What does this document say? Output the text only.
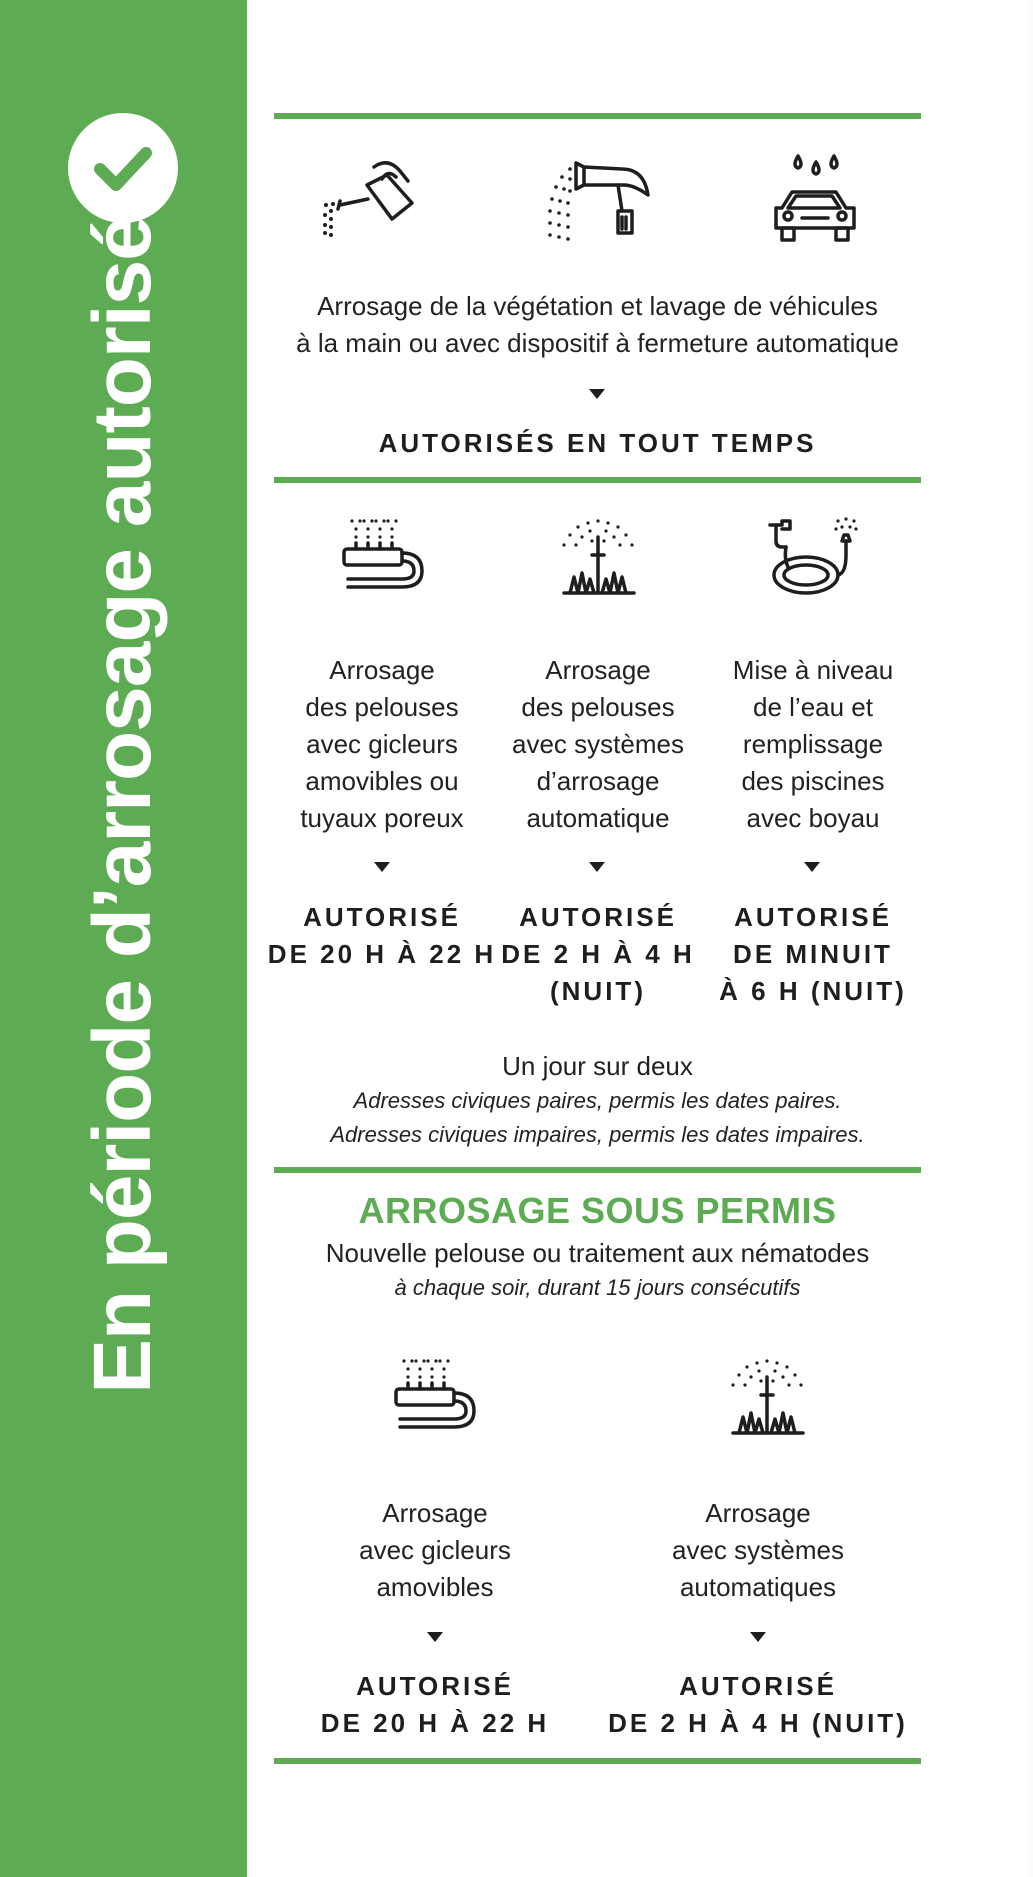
En période d’arrosage autorisé	Arrosage de la végétation et lavage de véhicules
à la main ou avec dispositif à fermeture automatique
AUTORISÉS EN TOUT TEMPS
Arrosage
des pelouses
avec gicleurs
amovibles ou
tuyaux poreux
Arrosage
des pelouses
avec systèmes
d’arrosage
automatique
Mise à niveau
de l’eau et
remplissage
des piscines
avec boyau
AUTORISÉ
DE 20 H À 22 H
AUTORISÉ
DE 2 H À 4 H
(NUIT)
AUTORISÉ
DE MINUIT
À 6 H (NUIT)
Un jour sur deux
Adresses civiques paires, permis les dates paires.
Adresses civiques impaires, permis les dates impaires.
ARROSAGE SOUS PERMIS
Nouvelle pelouse ou traitement aux nématodes
à chaque soir, durant 15 jours consécutifs
Arrosage
avec gicleurs
amovibles
Arrosage
avec systèmes
automatiques
AUTORISÉ
DE 20 H À 22 H
AUTORISÉ
DE 2 H À 4 H (NUIT)
